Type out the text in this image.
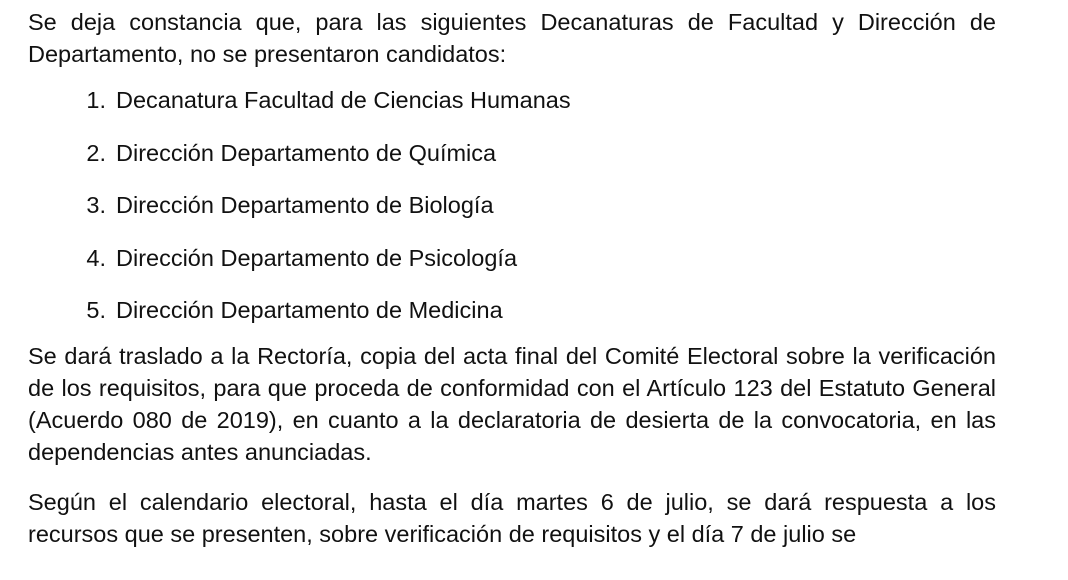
Se deja constancia que, para las siguientes Decanaturas de Facultad y Dirección de Departamento, no se presentaron candidatos:

1. Decanatura Facultad de Ciencias Humanas
2. Dirección Departamento de Química
3. Dirección Departamento de Biología
4. Dirección Departamento de Psicología
5. Dirección Departamento de Medicina

Se dará traslado a la Rectoría, copia del acta final del Comité Electoral sobre la verificación de los requisitos, para que proceda de conformidad con el Artículo 123 del Estatuto General (Acuerdo 080 de 2019), en cuanto a la declaratoria de desierta de la convocatoria, en las dependencias antes anunciadas.

Según el calendario electoral, hasta el día martes 6 de julio, se dará respuesta a los recursos que se presenten, sobre verificación de requisitos y el día 7 de julio se
